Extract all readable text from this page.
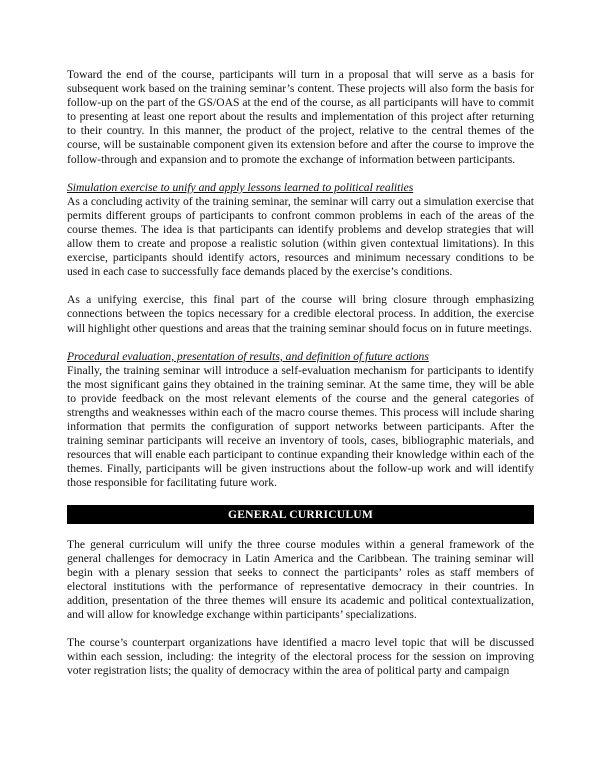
Toward the end of the course, participants will turn in a proposal that will serve as a basis for subsequent work based on the training seminar’s content. These projects will also form the basis for follow-up on the part of the GS/OAS at the end of the course, as all participants will have to commit to presenting at least one report about the results and implementation of this project after returning to their country. In this manner, the product of the project, relative to the central themes of the course, will be sustainable component given its extension before and after the course to improve the follow-through and expansion and to promote the exchange of information between participants.

Simulation exercise to unify and apply lessons learned to political realities

As a concluding activity of the training seminar, the seminar will carry out a simulation exercise that permits different groups of participants to confront common problems in each of the areas of the course themes. The idea is that participants can identify problems and develop strategies that will allow them to create and propose a realistic solution (within given contextual limitations). In this exercise, participants should identify actors, resources and minimum necessary conditions to be used in each case to successfully face demands placed by the exercise’s conditions.

As a unifying exercise, this final part of the course will bring closure through emphasizing connections between the topics necessary for a credible electoral process. In addition, the exercise will highlight other questions and areas that the training seminar should focus on in future meetings.

Procedural evaluation, presentation of results, and definition of future actions

Finally, the training seminar will introduce a self-evaluation mechanism for participants to identify the most significant gains they obtained in the training seminar. At the same time, they will be able to provide feedback on the most relevant elements of the course and the general categories of strengths and weaknesses within each of the macro course themes. This process will include sharing information that permits the configuration of support networks between participants. After the training seminar participants will receive an inventory of tools, cases, bibliographic materials, and resources that will enable each participant to continue expanding their knowledge within each of the themes. Finally, participants will be given instructions about the follow-up work and will identify those responsible for facilitating future work.

GENERAL CURRICULUM

The general curriculum will unify the three course modules within a general framework of the general challenges for democracy in Latin America and the Caribbean. The training seminar will begin with a plenary session that seeks to connect the participants’ roles as staff members of electoral institutions with the performance of representative democracy in their countries. In addition, presentation of the three themes will ensure its academic and political contextualization, and will allow for knowledge exchange within participants’ specializations.

The course’s counterpart organizations have identified a macro level topic that will be discussed within each session, including: the integrity of the electoral process for the session on improving voter registration lists; the quality of democracy within the area of political party and campaign
